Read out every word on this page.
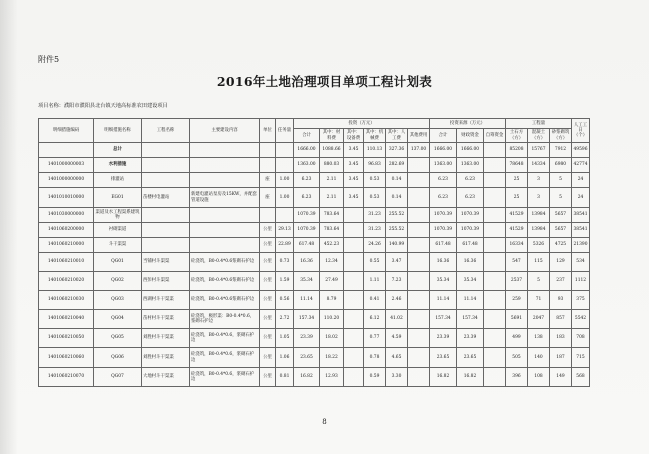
附件5
2016年土地治理项目单项工程计划表
项目名称：濮阳市濮阳县北台镇天地高标准农田建设项目
明细措施编码	明细措施名称	工程名称	主要建设内容	单位	任务量	投资（万元）						投资来源（万元）			工程量			人工工日（个）
						合计	其中：材料费	其中：设备费	其中：机械费	其中：人工费	其他费用	合计	财政资金	自筹资金	土石方（方）	混凝土（方）	砂浆砌筑（方）	
	总计					1666.00	1088.66	3.45	110.13	327.36	137.00	1666.00	1666.00		85208	15767	7912	49596
1401000000003	水利措施					1363.00	880.03	3.45	96.83	282.69		1363.00	1363.00		78648	14334	6980	42774
1401000000000	排灌站			座	1.00	6.23	2.11	3.45	0.53	0.14		6.23	6.23		25	3	5	24
1401010010000	EG01	苗楼村电灌站	新建电灌站泵房及15KW，并配套管道设施	座	1.00	6.23	2.11	3.45	0.53	0.14		6.23	6.23		25	3	5	24
1401030000000	渠道及水工程渠系建筑物					1070.39	783.64		31.23	255.52		1070.39	1070.39		41529	13984	5657	38541
1401060200000	衬砌渠道			公里	29.13	1070.39	783.64		31.23	255.52		1070.39	1070.39		41529	13984	5657	38541
1401060210000	斗干渠渠			公里	22.89	617.48	452.23		24.26	140.99		617.48	617.48		16334	5326	4725	21390
1401060210010	QG01	当铺村斗渠渠	砼浇筑，B0-0.4*0.6浆砌石护边	公里	0.73	16.36	12.34		0.55	3.47		16.36	16.36		547	115	129	534
1401060210020	QG02	西彭村斗渠渠	砼浇筑，B0-0.4*0.6浆砌石护边	公里	1.59	35.34	27.49		1.11	7.23		35.34	35.34		2537	5	237	1112
1401060210030	QG03	西湖村斗干渠渠	砼浇筑，B0-0.4*0.6浆砌石护边	公里	0.56	11.14	8.79		0.41	2.46		11.14	11.14		259	71	93	375
1401060210040	QG04	苗村村斗干渠渠	砼浇筑，极形渠：B0-0.4*0.6，浆砌石护边	公里	2.72	157.34	110.20		6.12	41.02		157.34	157.34		5691	2047	857	5542
1401060210050	QG05	刘胜村斗干渠渠	砼浇筑，B0-0.4*0.6，浆砌石护边	公里	1.05	23.39	18.02		0.77	4.59		23.39	23.39		499	138	183	708
1401060210060	QG06	刘胜村斗干渠渠	砼浇筑，B0-0.4*0.6，浆砌石护边	公里	1.06	23.65	18.22		0.78	4.65		23.65	23.65		505	140	187	715
1401060210070	QG07	大地村斗干渠渠	砼浇筑，B0-0.4*0.6，浆砌石护边	公里	0.81	16.82	12.93		0.59	3.30		16.82	16.82		396	108	149	568
8
